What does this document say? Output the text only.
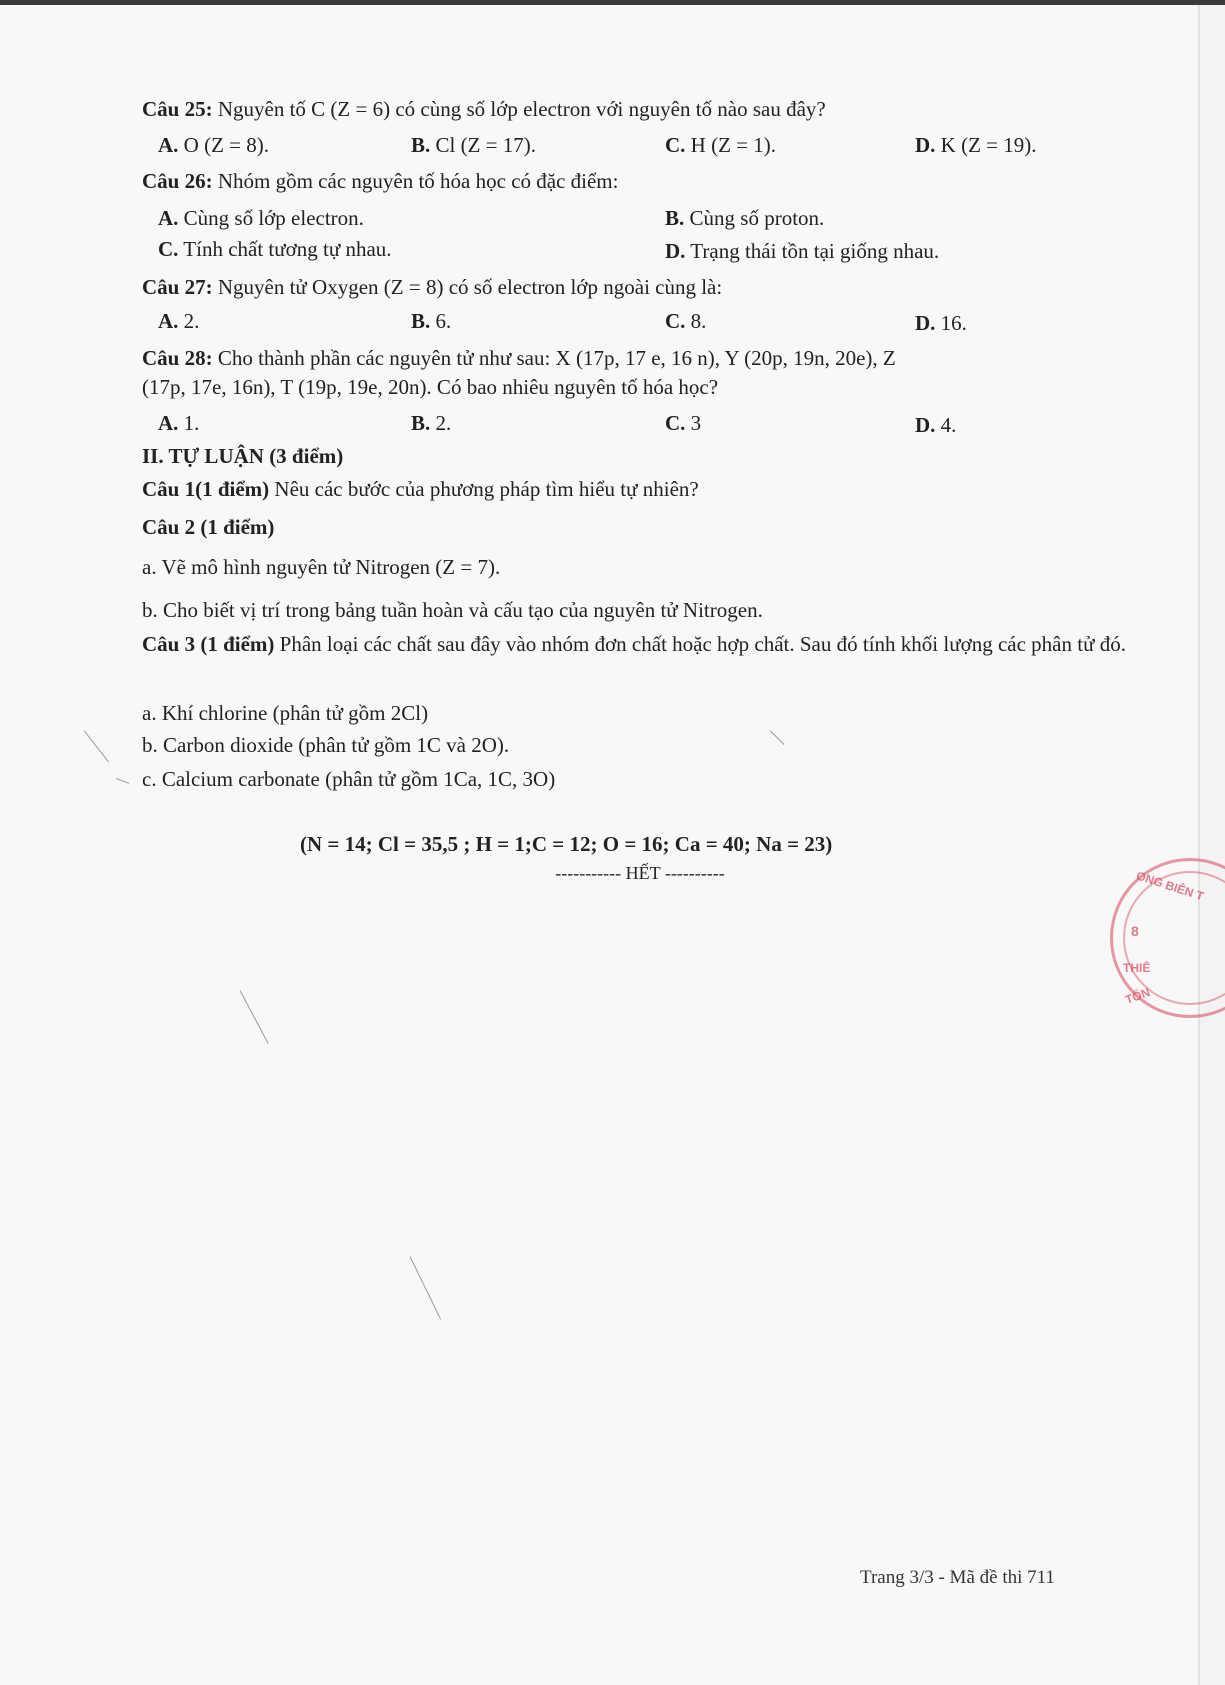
Câu 25: Nguyên tố C (Z = 6) có cùng số lớp electron với nguyên tố nào sau đây?
A. O (Z = 8).	B. Cl (Z = 17).	C. H (Z = 1).	D. K (Z = 19).
Câu 26: Nhóm gồm các nguyên tố hóa học có đặc điểm:
A. Cùng số lớp electron.	B. Cùng số proton.
C. Tính chất tương tự nhau.	D. Trạng thái tồn tại giống nhau.
Câu 27: Nguyên tử Oxygen (Z = 8) có số electron lớp ngoài cùng là:
A. 2.	B. 6.	C. 8.	D. 16.
Câu 28: Cho thành phần các nguyên tử như sau: X (17p, 17 e, 16 n), Y (20p, 19n, 20e), Z
(17p, 17e, 16n), T (19p, 19e, 20n). Có bao nhiêu nguyên tố hóa học?
A. 1.	B. 2.	C. 3	D. 4.
II. TỰ LUẬN (3 điểm)
Câu 1(1 điểm) Nêu các bước của phương pháp tìm hiểu tự nhiên?
Câu 2 (1 điểm)
a. Vẽ mô hình nguyên tử Nitrogen (Z = 7).
b. Cho biết vị trí trong bảng tuần hoàn và cấu tạo của nguyên tử Nitrogen.
Câu 3 (1 điểm) Phân loại các chất sau đây vào nhóm đơn chất hoặc hợp chất. Sau đó tính khối lượng các phân tử đó.
a. Khí chlorine (phân tử gồm 2Cl)
b. Carbon dioxide (phân tử gồm 1C và 2O).
c. Calcium carbonate (phân tử gồm 1Ca, 1C, 3O)
(N = 14; Cl = 35,5 ; H = 1;C = 12; O = 16; Ca = 40; Na = 23)
----------- HẾT ----------	ONG BIÊN T
8
THIÊ
TỐN
Trang 3/3 - Mã đề thi 711
